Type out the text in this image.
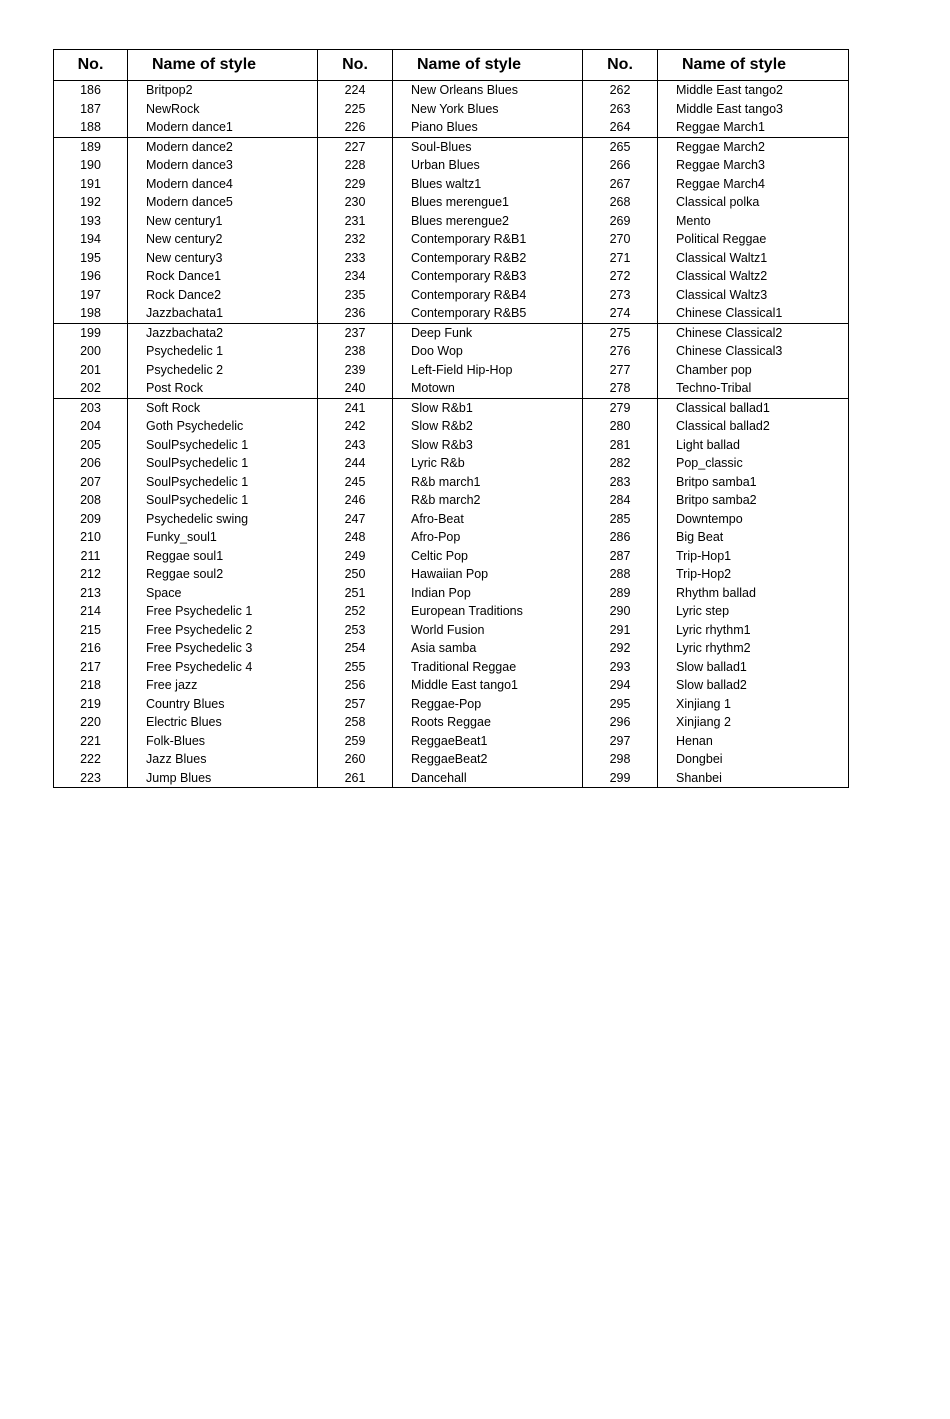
No.	Name of style	No.	Name of style	No.	Name of style
186	Britpop2	224	New Orleans Blues	262	Middle East tango2
187	NewRock	225	New York Blues	263	Middle East tango3
188	Modern dance1	226	Piano Blues	264	Reggae March1
189	Modern dance2	227	Soul-Blues	265	Reggae March2
190	Modern dance3	228	Urban Blues	266	Reggae March3
191	Modern dance4	229	Blues waltz1	267	Reggae March4
192	Modern dance5	230	Blues merengue1	268	Classical polka
193	New century1	231	Blues merengue2	269	Mento
194	New century2	232	Contemporary R&B1	270	Political Reggae
195	New century3	233	Contemporary R&B2	271	Classical Waltz1
196	Rock Dance1	234	Contemporary R&B3	272	Classical Waltz2
197	Rock Dance2	235	Contemporary R&B4	273	Classical Waltz3
198	Jazzbachata1	236	Contemporary R&B5	274	Chinese Classical1
199	Jazzbachata2	237	Deep Funk	275	Chinese Classical2
200	Psychedelic 1	238	Doo Wop	276	Chinese Classical3
201	Psychedelic 2	239	Left-Field Hip-Hop	277	Chamber pop
202	Post Rock	240	Motown	278	Techno-Tribal
203	Soft Rock	241	Slow R&b1	279	Classical ballad1
204	Goth Psychedelic	242	Slow R&b2	280	Classical ballad2
205	SoulPsychedelic 1	243	Slow R&b3	281	Light ballad
206	SoulPsychedelic 1	244	Lyric R&b	282	Pop_classic
207	SoulPsychedelic 1	245	R&b march1	283	Britpo samba1
208	SoulPsychedelic 1	246	R&b march2	284	Britpo samba2
209	Psychedelic swing	247	Afro-Beat	285	Downtempo
210	Funky_soul1	248	Afro-Pop	286	Big Beat
211	Reggae soul1	249	Celtic Pop	287	Trip-Hop1
212	Reggae soul2	250	Hawaiian Pop	288	Trip-Hop2
213	Space	251	Indian Pop	289	Rhythm ballad
214	Free Psychedelic 1	252	European Traditions	290	Lyric step
215	Free Psychedelic 2	253	World Fusion	291	Lyric rhythm1
216	Free Psychedelic 3	254	Asia samba	292	Lyric rhythm2
217	Free Psychedelic 4	255	Traditional Reggae	293	Slow ballad1
218	Free jazz	256	Middle East tango1	294	Slow ballad2
219	Country Blues	257	Reggae-Pop	295	Xinjiang 1
220	Electric Blues	258	Roots Reggae	296	Xinjiang 2
221	Folk-Blues	259	ReggaeBeat1	297	Henan
222	Jazz Blues	260	ReggaeBeat2	298	Dongbei
223	Jump Blues	261	Dancehall	299	Shanbei
